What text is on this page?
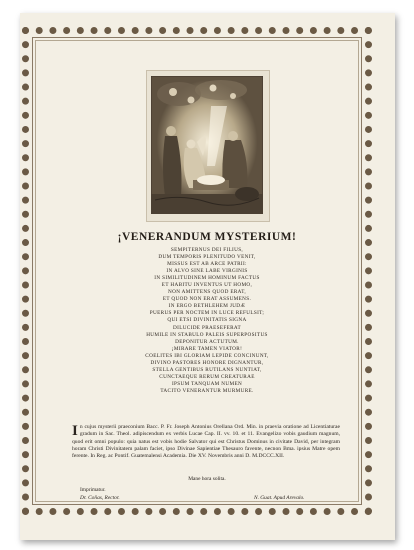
¡VENERANDUM MYSTERIUM!
SEMPITERNUS DEI FILIUS,
DUM TEMPORIS PLENITUDO VENIT,
MISSUS EST AB ARCE PATRII:
IN ALVO SINE LABE VIRGINIS
IN SIMILITUDINEM HOMINUM FACTUS
ET HABITU INVENTUS UT HOMO,
NON AMITTENS QUOD ERAT,
ET QUOD NON ERAT ASSUMENS.
IN ERGO BETHLEHEM JUDÆ
PUERUS PER NOCTEM IN LUCE REFULSIT;
QUI ETSI DIVINITATIS SIGNA
DILUCIDE PRAESEFERAT
HUMILE IN STABULO PALEIS SUPERPOSITUS
DEPONITUR ACTUTUM.
¡MIRARE TAMEN VIATOR!
COELITES IBI GLORIAM LEPIDE CONCINUNT,
DIVINO PASTORES HONORE DIGNANTUR,
STELLA GENTIBUS RUTILANS NUNTIAT,
CUNCTAEQUE RERUM CREATURAE
IPSUM TANQUAM NUMEN
TACITO VENERANTUR MURMURE.
In cujus mysterii praeconium Bacc. P. Fr. Joseph Antonius Orellana Ord. Min. in praevia oratione ad Licentiaturae gradum in Sac. Theol. adipiscendum ex verbis Lucae Cap. II. vv. 10. et 11. Evangelizo vobis gaudium magnum, quod erit omni populo: quia natus est vobis hodie Salvator qui est Christus Dominus in civitate David, per integram horam Christi Divinitatem palam faciet, ipso Divinae Sapientiae Thesauro favente, necnon Bma. ipsius Matre opem ferente. In Reg. ac Pontif. Guatemalensi Academia. Die XV. Novembris anni D. M.DCCC.XII.
Mane hora solita.
Imprimatur.
Dr. Coñas, Rector.	N. Guat. Apud Arevalo.
